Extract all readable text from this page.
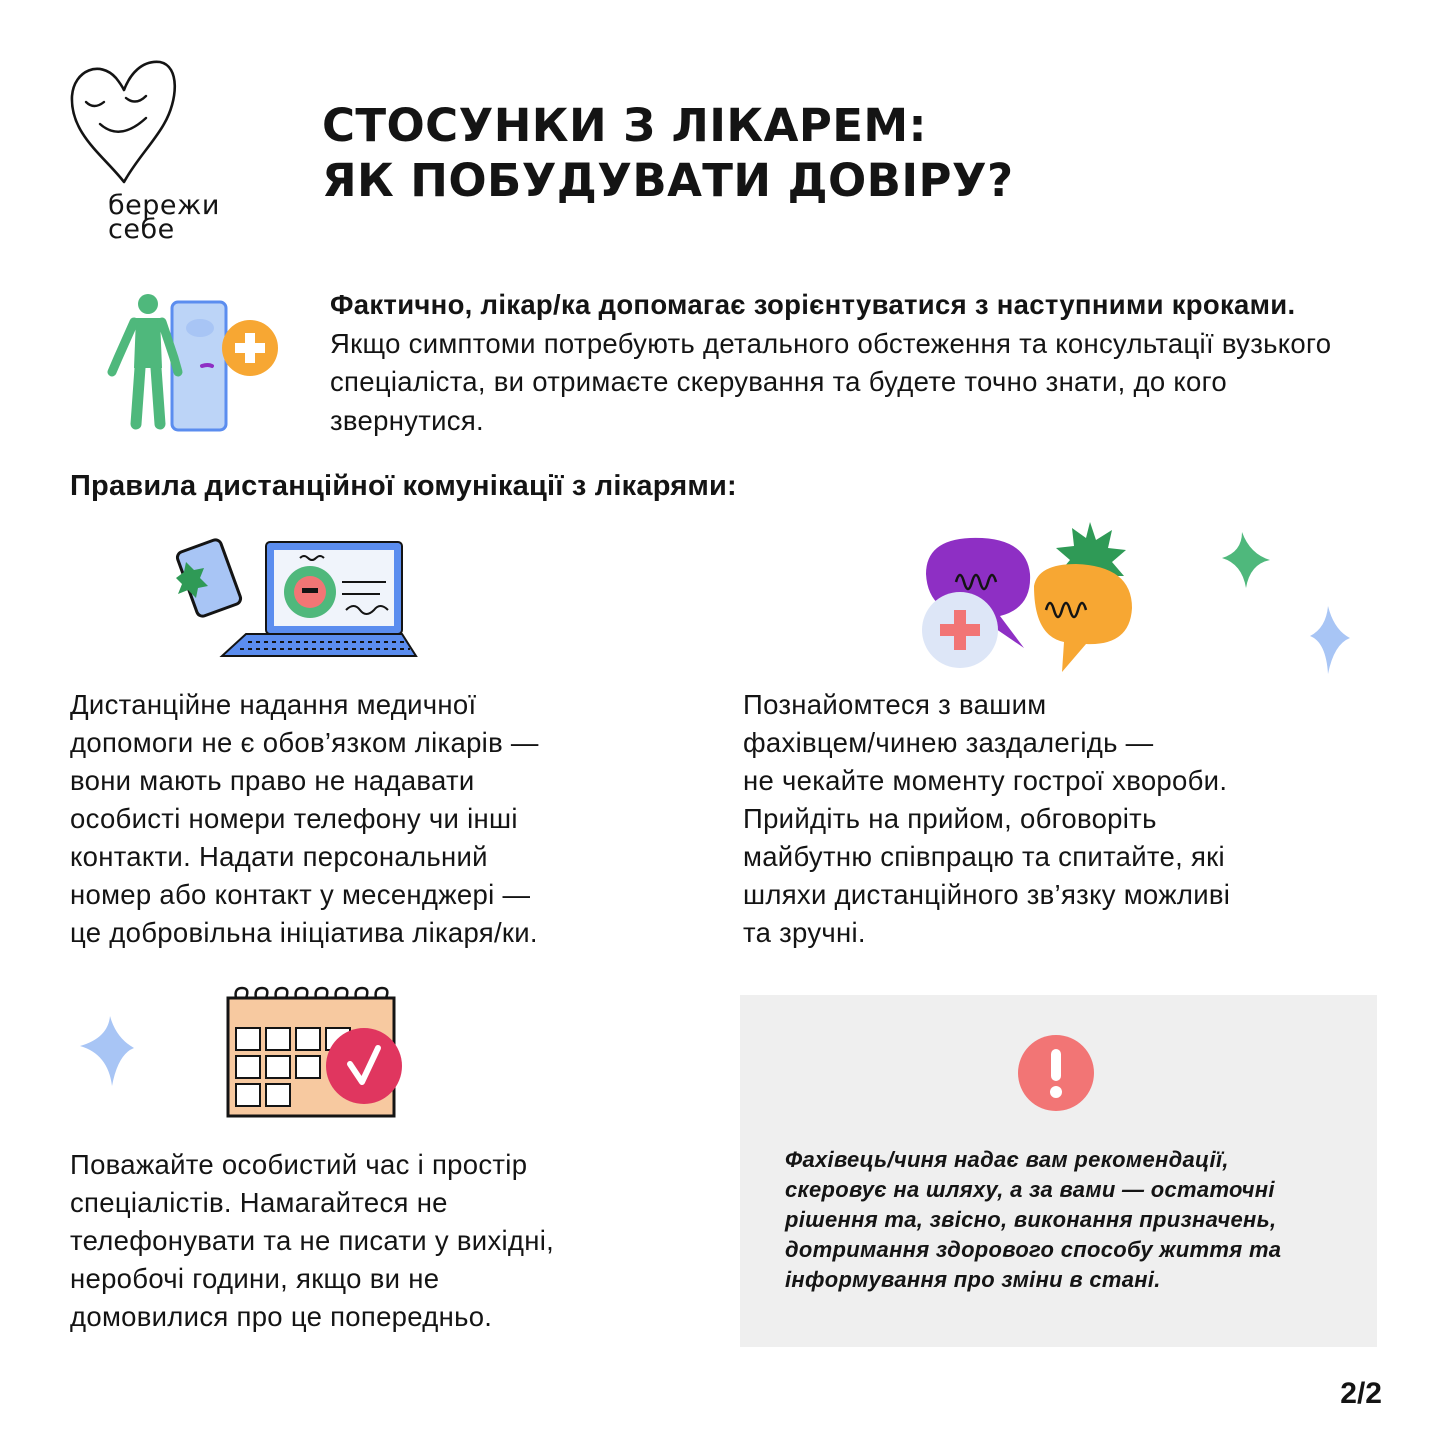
бережи
себе
СТОСУНКИ З ЛІКАРЕМ:
ЯК ПОБУДУВАТИ ДОВІРУ?
Фактично, лікар/ка допомагає зорієнтуватися з наступними кроками. Якщо симптоми потребують детального обстеження та консультації вузького спеціаліста, ви отримаєте скерування та будете точно знати, до кого звернутися.
Правила дистанційної комунікації з лікарями:

Дистанційне надання медичної
допомоги не є обов’язком лікарів —
вони мають право не надавати
особисті номери телефону чи інші
контакти. Надати персональний
номер або контакт у месенджері —
це добровільна ініціатива лікаря/ки.

Познайомтеся з вашим
фахівцем/чинею заздалегідь —
не чекайте моменту гострої хвороби.
Прийдіть на прийом, обговоріть
майбутню співпрацю та спитайте, які
шляхи дистанційного зв’язку можливі
та зручні.

Поважайте особистий час і простір
спеціалістів. Намагайтеся не
телефонувати та не писати у вихідні,
неробочі години, якщо ви не
домовилися про це попередньо.

Фахівець/чиня надає вам рекомендації,
скеровує на шляху, а за вами — остаточні
рішення та, звісно, виконання призначень,
дотримання здорового способу життя та
інформування про зміни в стані.

2/2
